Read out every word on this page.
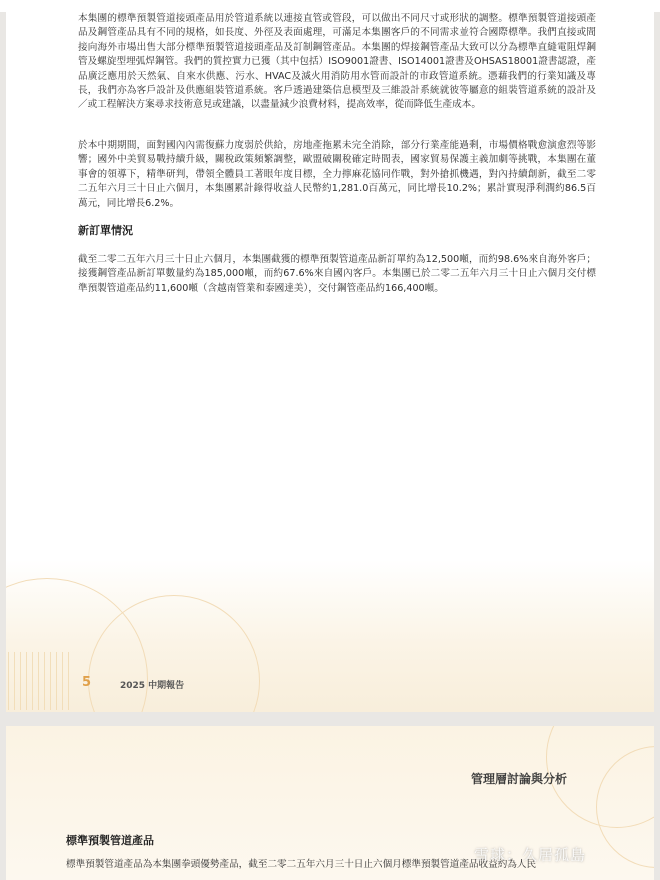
本集團的標準預製管道接頭產品用於管道系統以連接直管或管段，可以做出不同尺寸或形狀的調整。標準預製管道接頭產品及鋼管產品具有不同的規格，如長度、外徑及表面處理，可滿足本集團客戶的不同需求並符合國際標準。我們直接或間接向海外市場出售大部分標準預製管道接頭產品及訂制鋼管產品。本集團的焊接鋼管產品大致可以分為標準直縫電阻焊鋼管及螺旋型埋弧焊鋼管。我們的質控實力已獲（其中包括）ISO9001證書、ISO14001證書及OHSAS18001證書認證，產品廣泛應用於天然氣、自來水供應、污水、HVAC及滅火用消防用水管而設計的市政管道系統。憑藉我們的行業知識及專長，我們亦為客戶設計及供應組裝管道系統。客戶透過建築信息模型及三維設計系統就彼等屬意的組裝管道系統的設計及／或工程解決方案尋求技術意見或建議，以盡量減少浪費材料，提高效率，從而降低生產成本。
於本中期期間，面對國內內需復蘇力度弱於供給，房地產拖累未完全消除，部分行業產能過剩，市場價格戰愈演愈烈等影響；國外中美貿易戰持續升級，關稅政策頻繁調整，歐盟破關稅確定時間表，國家貿易保護主義加劇等挑戰，本集團在董事會的領導下，精準研判，帶領全體員工著眼年度目標，全力擰麻花協同作戰，對外搶抓機遇，對內持續創新，截至二零二五年六月三十日止六個月，本集團累計錄得收益人民幣約1,281.0百萬元，同比增長10.2%；累計實現淨利潤約86.5百萬元，同比增長6.2%。
新訂單情況
截至二零二五年六月三十日止六個月，本集團截獲的標準預製管道產品新訂單約為12,500噸，而約98.6%來自海外客戶；接獲鋼管產品新訂單數量約為185,000噸，而約67.6%來自國內客戶。本集團已於二零二五年六月三十日止六個月交付標準預製管道產品約11,600噸（含越南管業和泰國達美），交付鋼管產品約166,400噸。
5	2025 中期報告
管理層討論與分析
標準預製管道產品
標準預製管道產品為本集團拳頭優勢產品，截至二零二五年六月三十日止六個月標準預製管道產品收益約為人民
雪球：久居孤島
